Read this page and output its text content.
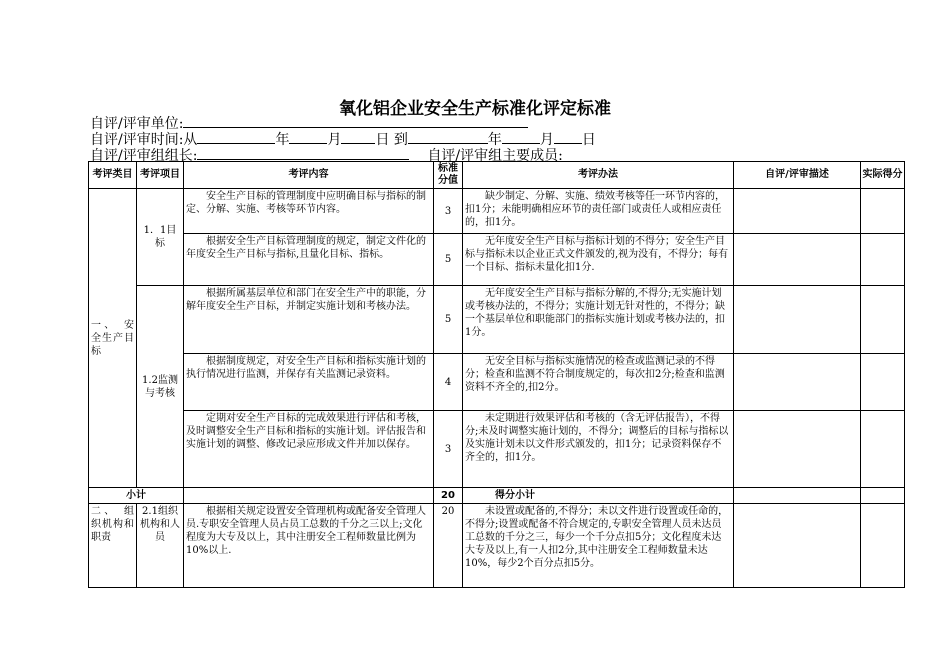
氧化铝企业安全生产标准化评定标准
自评/评审单位:
自评/评审时间:从	年	月 日 到	年	月 日
自评/评审组组长:	自评/评审组主要成员:
考评类目	考评项目	考评内容	标准分值	考评办法	自评/评审描述	实际得分
一、 安全生产目标	1．1目标	安全生产目标的管理制度中应明确目标与指标的制定、分解、实施、考核等环节内容。	3	缺少制定、分解、实施、绩效考核等任一环节内容的，扣1分；未能明确相应环节的责任部门或责任人或相应责任的，扣1分。		
		根据安全生产目标管理制度的规定，制定文件化的年度安全生产目标与指标,且量化目标、指标。	5	无年度安全生产目标与指标计划的不得分；安全生产目标与指标未以企业正式文件颁发的,视为没有，不得分；每有一个目标、指标未量化扣1分.		
	1.2监测与考核	根据所属基层单位和部门在安全生产中的职能，分解年度安全生产目标，并制定实施计划和考核办法。	5	无年度安全生产目标与指标分解的,不得分;无实施计划或考核办法的，不得分；实施计划无针对性的，不得分；缺一个基层单位和职能部门的指标实施计划或考核办法的，扣1分。		
		根据制度规定，对安全生产目标和指标实施计划的执行情况进行监测，并保存有关监测记录资料。	4	无安全目标与指标实施情况的检查或监测记录的不得分；检查和监测不符合制度规定的，每次扣2分;检查和监测资料不齐全的,扣2分。		
		定期对安全生产目标的完成效果进行评估和考核，及时调整安全生产目标和指标的实施计划。评估报告和实施计划的调整、修改记录应形成文件并加以保存。	3	未定期进行效果评估和考核的（含无评估报告），不得分;未及时调整实施计划的，不得分；调整后的目标与指标以及实施计划未以文件形式颁发的，扣1分；记录资料保存不齐全的，扣1分。		
小计			20	得分小计		
二、 组织机构和职责	2.1组织机构和人员	根据相关规定设置安全管理机构或配备安全管理人员.专职安全管理人员占员工总数的千分之三以上;文化程度为大专及以上，其中注册安全工程师数量比例为10%以上.	20	未设置或配备的,不得分；未以文件进行设置或任命的，不得分;设置或配备不符合规定的,专职安全管理人员未达员工总数的千分之三，每少一个千分点扣5分；文化程度未达大专及以上,有一人扣2分,其中注册安全工程师数量未达10%，每少2个百分点扣5分。		
